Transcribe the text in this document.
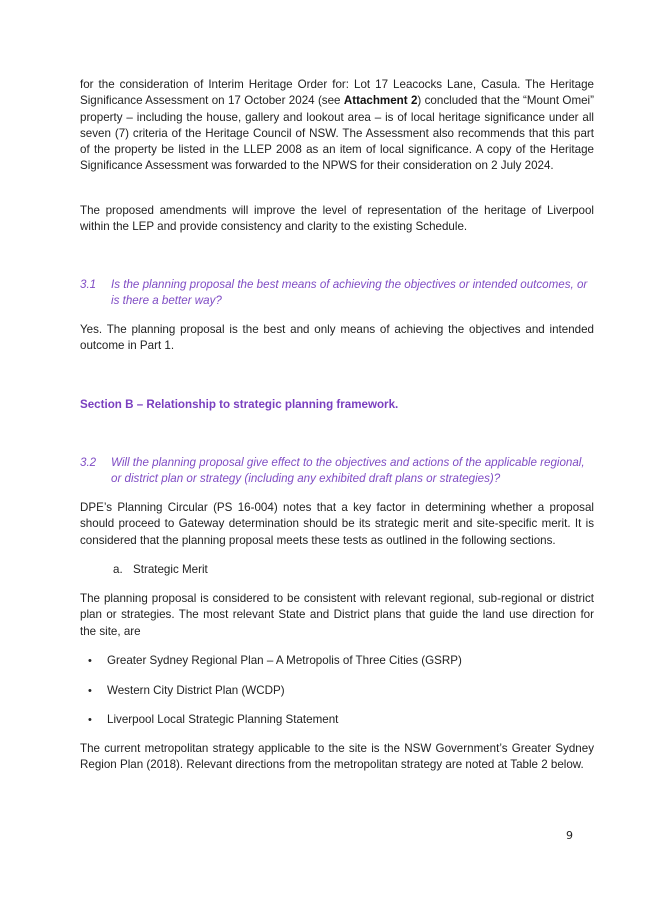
for the consideration of Interim Heritage Order for: Lot 17 Leacocks Lane, Casula. The Heritage Significance Assessment on 17 October 2024 (see Attachment 2) concluded that the “Mount Omei” property – including the house, gallery and lookout area – is of local heritage significance under all seven (7) criteria of the Heritage Council of NSW. The Assessment also recommends that this part of the property be listed in the LLEP 2008 as an item of local significance. A copy of the Heritage Significance Assessment was forwarded to the NPWS for their consideration on 2 July 2024.

The proposed amendments will improve the level of representation of the heritage of Liverpool within the LEP and provide consistency and clarity to the existing Schedule.

3.1 Is the planning proposal the best means of achieving the objectives or intended outcomes, or is there a better way?

Yes. The planning proposal is the best and only means of achieving the objectives and intended outcome in Part 1.

Section B – Relationship to strategic planning framework.

3.2 Will the planning proposal give effect to the objectives and actions of the applicable regional, or district plan or strategy (including any exhibited draft plans or strategies)?

DPE’s Planning Circular (PS 16-004) notes that a key factor in determining whether a proposal should proceed to Gateway determination should be its strategic merit and site-specific merit. It is considered that the planning proposal meets these tests as outlined in the following sections.

a. Strategic Merit

The planning proposal is considered to be consistent with relevant regional, sub-regional or district plan or strategies. The most relevant State and District plans that guide the land use direction for the site, are

• Greater Sydney Regional Plan – A Metropolis of Three Cities (GSRP)

• Western City District Plan (WCDP)

• Liverpool Local Strategic Planning Statement

The current metropolitan strategy applicable to the site is the NSW Government’s Greater Sydney Region Plan (2018). Relevant directions from the metropolitan strategy are noted at Table 2 below.

9
